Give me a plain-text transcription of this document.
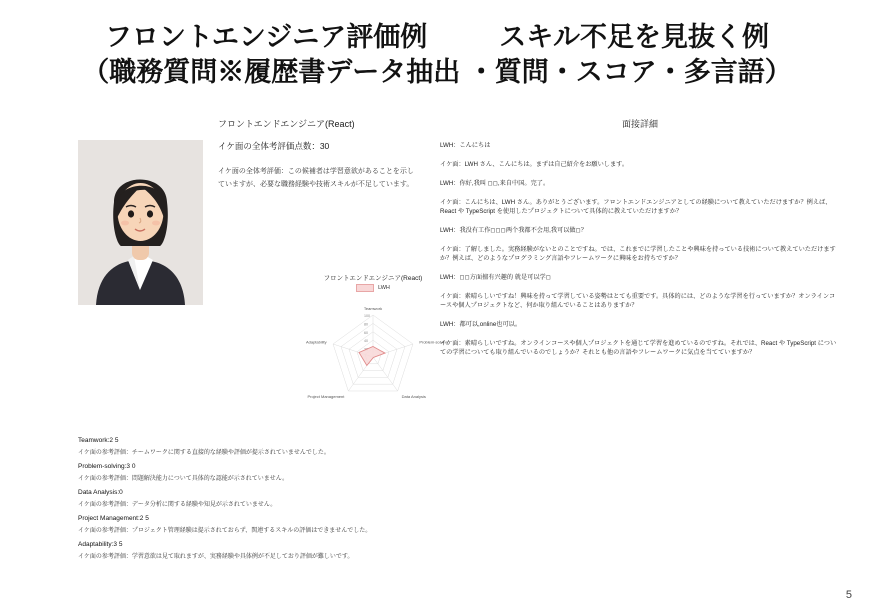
フロントエンジニア評価例	スキル不足を見抜く例
（職務質問※履歴書データ抽出 ・質問・スコア・多言語）
フロントエンドエンジニア(React)
イケ面の全体考評価点数：30
イケ面の全体考評価：この候補者は学習意欲があることを示していますが、必要な職務経験や技術スキルが不足しています。
フロントエンドエンジニア(React)
LWH
100
80
60
40
Teamwork
Problem-solving
Data Analysis
Project Management
Adaptability
Teamwork:2 5
イケ面の参考評価：チームワークに関する直接的な経験や評価が提示されていませんでした。
Problem-solving:3 0
イケ面の参考評価：問題解決能力について具体的な認能が示されていません。
Data Analysis:0
イケ面の参考評価：データ分析に関する経験や知見が示されていません。
Project Management:2 5
イケ面の参考評価：プロジェクト管理経験は提示されておらず、関連するスキルの評価はできませんでした。
Adaptability:3 5
イケ面の参考評価：学習意欲は見て取れますが、実務経験や具体例が不足しており評価が難しいです。
面接詳細
LWH：こんにちは
イケ面：LWH さん、こんにちは。まずは自己紹介をお願いします。
LWH：你好,我叫 ◻◻,来自中国。完了。
イケ面：こんにちは、LWH さん。ありがとうございます。フロントエンドエンジニアとしての経験について教えていただけますか？例えば、React や TypeScript を使用したプロジェクトについて具体的に教えていただけますか？
LWH：我没有工作◻◻◻两个我都不会用,我可以做◻？
イケ面：了解しました。実務経験がないとのことですね。では、これまでに学習したことや興味を持っている技術について教えていただけますか？例えば、どのようなプログラミング言語やフレームワークに興味をお持ちですか？
LWH：◻◻方面擅有兴趣的 就是可以学◻
イケ面：素晴らしいですね！興味を持って学習している姿勢はとても重要です。具体的には、どのような学習を行っていますか？オンラインコースや個人プロジェクトなど、何か取り組んでいることはありますか？
LWH：都可以,online也可以。
イケ面：素晴らしいですね。オンラインコースや個人プロジェクトを通じて学習を進めているのですね。それでは、React や TypeScript についての学習についても取り組んでいるのでしょうか？それとも他の言語やフレームワークに気点を当てていますか？
5
